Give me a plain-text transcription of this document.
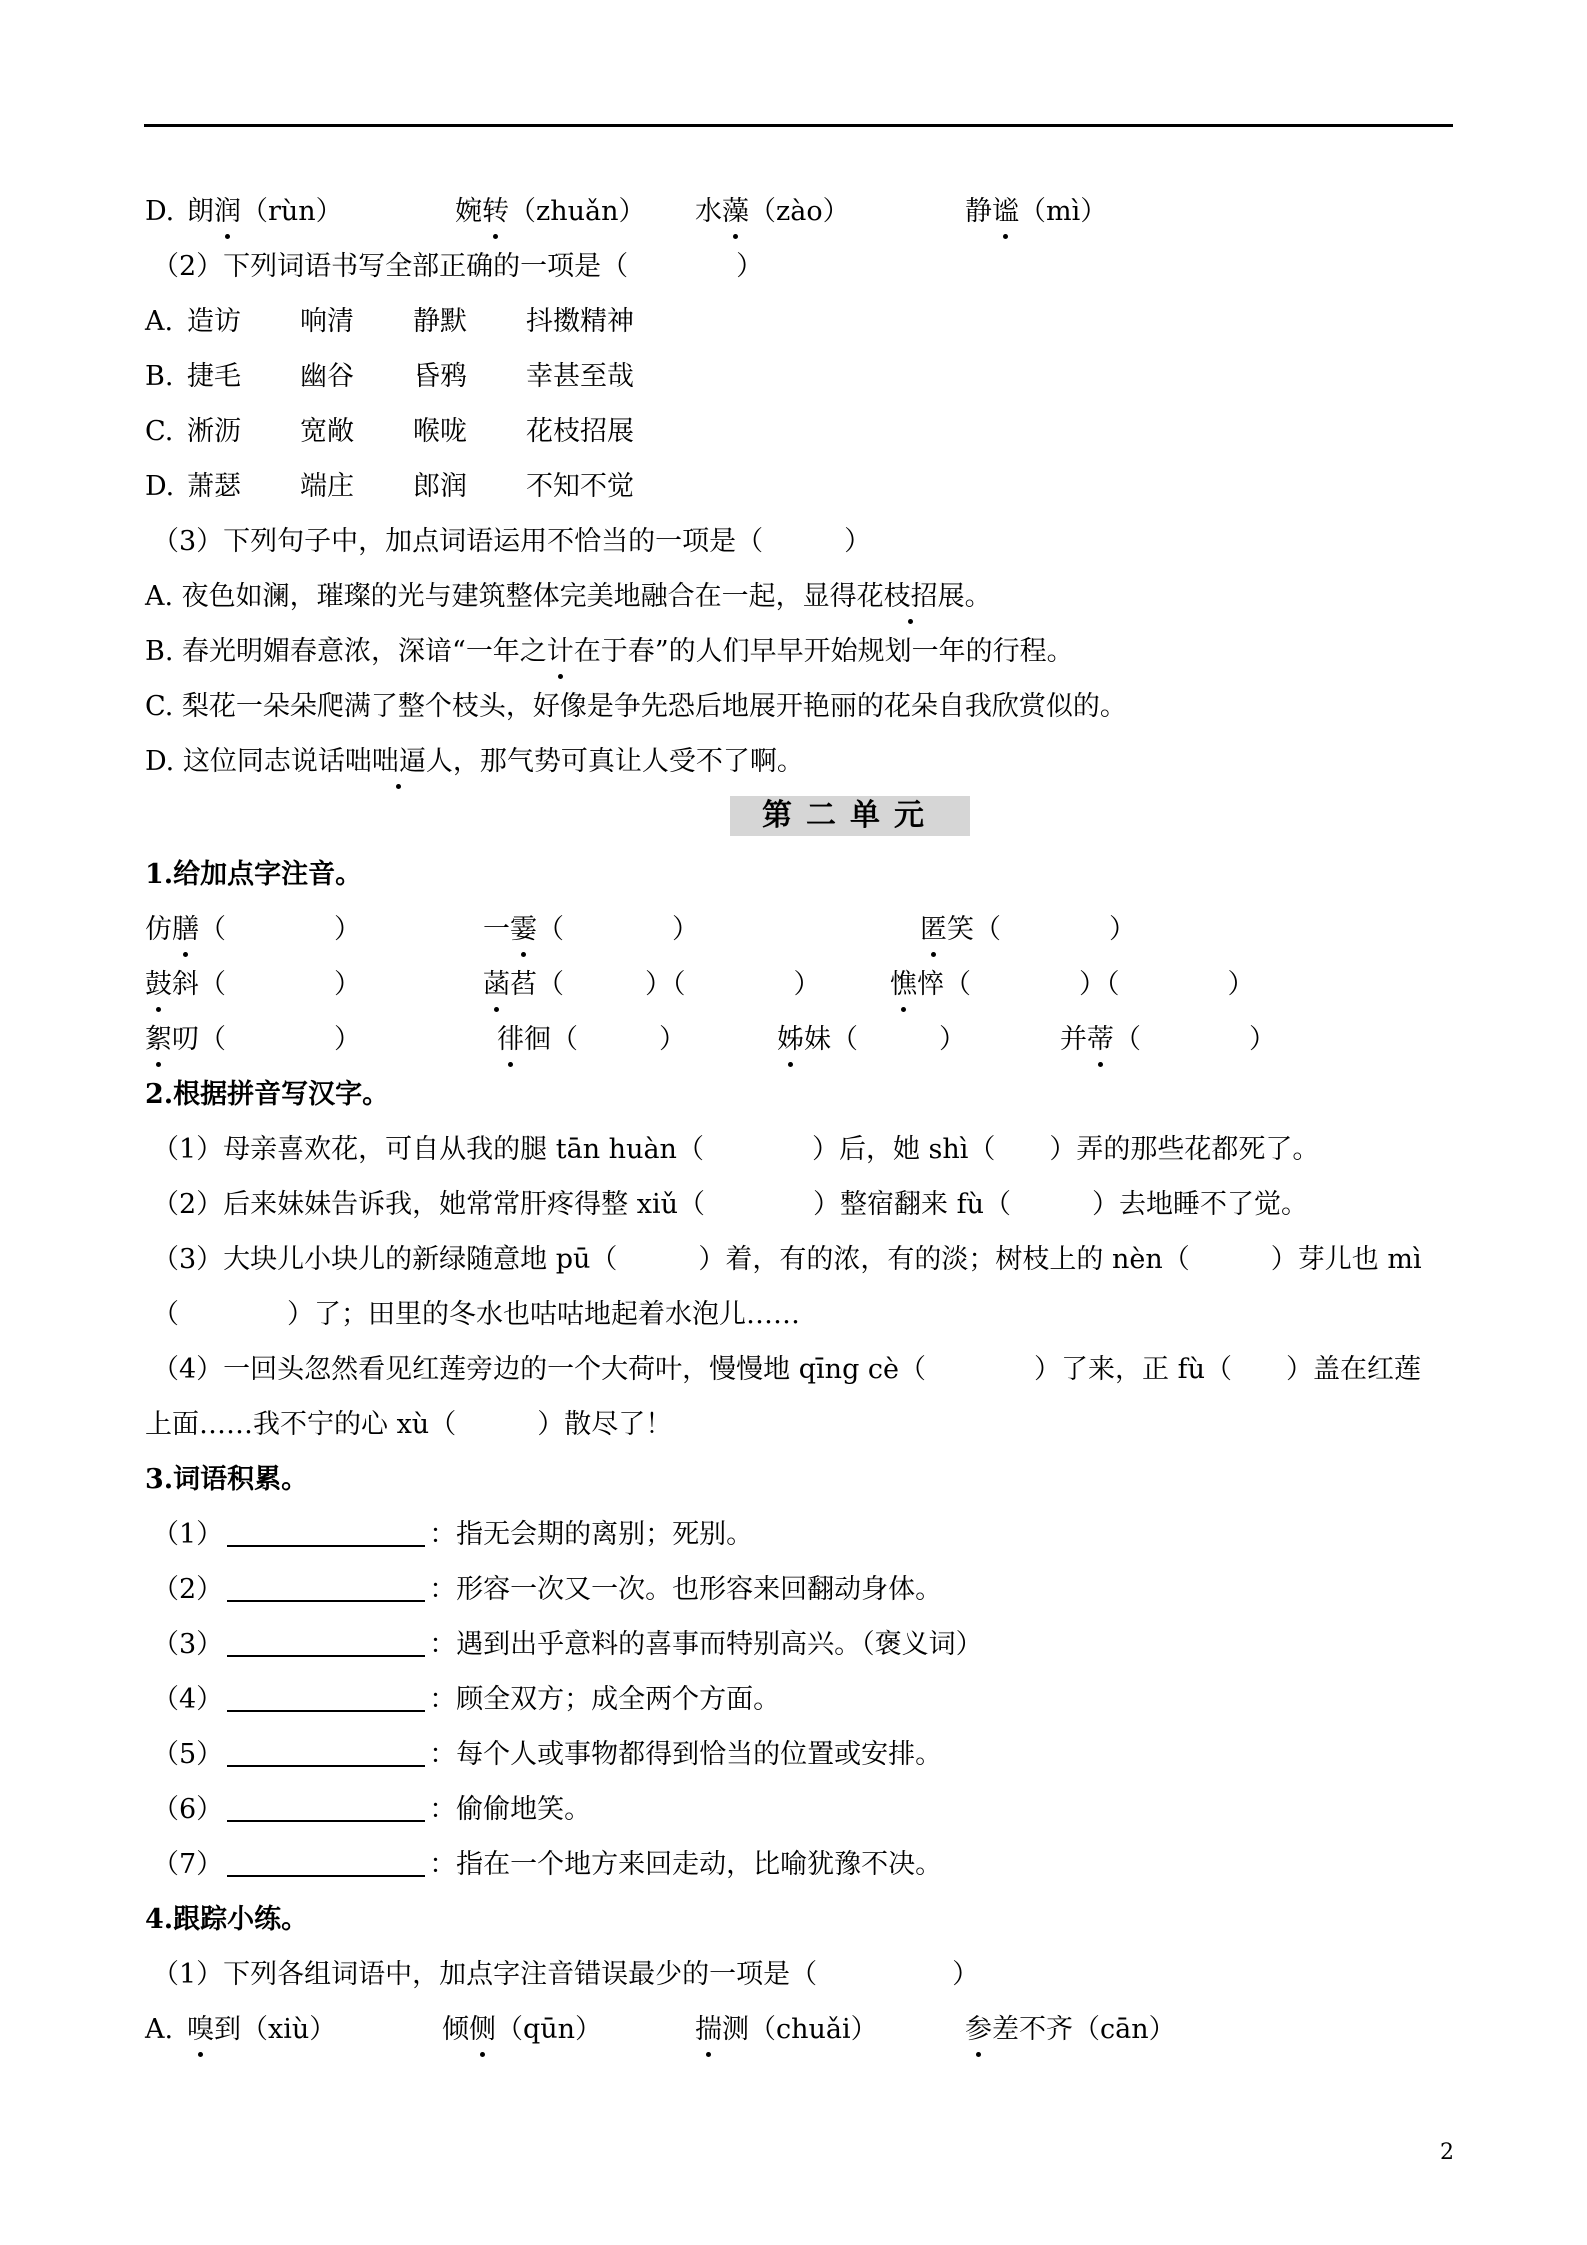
D. 朗润（rùn）	婉转（zhuǎn） 水藻（zào）	静谧（mì）
（2）下列词语书写全部正确的一项是（　　　　）
A. 造访 响清 静默 抖擞精神
B. 捷毛 幽谷 昏鸦 幸甚至哉
C. 淅沥 宽敞 喉咙 花枝招展
D. 萧瑟 端庄 郎润 不知不觉
（3）下列句子中，加点词语运用不恰当的一项是（　　　）
A. 夜色如澜，璀璨的光与建筑整体完美地融合在一起，显得花枝招展。
B. 春光明媚春意浓，深谙“一年之计在于春”的人们早早开始规划一年的行程。
C. 梨花一朵朵爬满了整个枝头，好像是争先恐后地展开艳丽的花朵自我欣赏似的。
D. 这位同志说话咄咄逼人，那气势可真让人受不了啊。
第二单元
1.给加点字注音。
仿膳（　　　　）	一霎（　　　　）	匿笑（　　　　）
鼓斜（　　　　）	菡萏（　　　）（　　　　）	憔悴（　　　　）（　　　　）
絮叨（　　　　）	徘徊（　　　）	姊妹（　　　）	并蒂（　　　　）
2.根据拼音写汉字。
（1）母亲喜欢花，可自从我的腿 tān huàn（　　　　）后，她 shì（　　）弄的那些花都死了。
（2）后来妹妹告诉我，她常常肝疼得整 xiǔ（　　　　）整宿翻来 fù（　　　）去地睡不了觉。
（3）大块儿小块儿的新绿随意地 pū（　　　）着，有的浓，有的淡；树枝上的 nèn（　　　）芽儿也 mì
（　　　　）了；田里的冬水也咕咕地起着水泡儿……
（4）一回头忽然看见红莲旁边的一个大荷叶，慢慢地 qīng cè（　　　　）了来，正 fù（　　）盖在红莲
上面……我不宁的心 xù（　　　）散尽了！
3.词语积累。
（1）	：指无会期的离别；死别。
（2）	：形容一次又一次。也形容来回翻动身体。
（3）	：遇到出乎意料的喜事而特别高兴。（褒义词）
（4）	：顾全双方；成全两个方面。
（5）	：每个人或事物都得到恰当的位置或安排。
（6）	：偷偷地笑。
（7）	：指在一个地方来回走动，比喻犹豫不决。
4.跟踪小练。
（1）下列各组词语中，加点字注音错误最少的一项是（　　　　　）
A. 嗅到（xiù）	倾侧（qūn）	揣测（chuǎi）	参差不齐（cān）
2
